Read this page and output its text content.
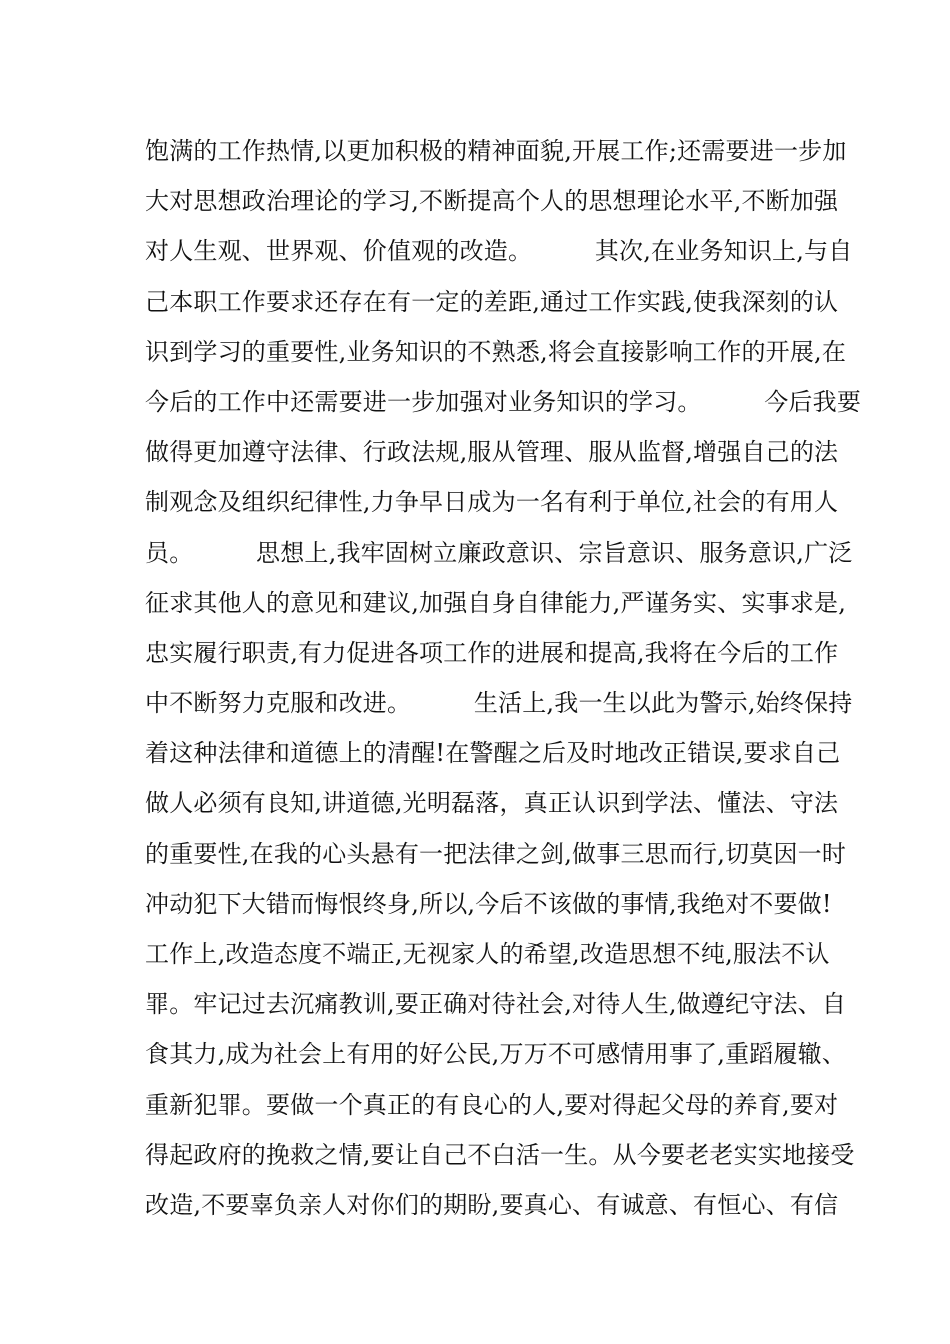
饱满的工作热情,以更加积极的精神面貌,开展工作;还需要进一步加
大对思想政治理论的学习,不断提高个人的思想理论水平,不断加强
对人生观、世界观、价值观的改造。        其次,在业务知识上,与自
己本职工作要求还存在有一定的差距,通过工作实践,使我深刻的认
识到学习的重要性,业务知识的不熟悉,将会直接影响工作的开展,在
今后的工作中还需要进一步加强对业务知识的学习。        今后我要
做得更加遵守法律、行政法规,服从管理、服从监督,增强自己的法
制观念及组织纪律性,力争早日成为一名有利于单位,社会的有用人
员。        思想上,我牢固树立廉政意识、宗旨意识、服务意识,广泛
征求其他人的意见和建议,加强自身自律能力,严谨务实、实事求是,
忠实履行职责,有力促进各项工作的进展和提高,我将在今后的工作
中不断努力克服和改进。        生活上,我一生以此为警示,始终保持
着这种法律和道德上的清醒!在警醒之后及时地改正错误,要求自己
做人必须有良知,讲道德,光明磊落，真正认识到学法、懂法、守法
的重要性,在我的心头悬有一把法律之剑,做事三思而行,切莫因一时
冲动犯下大错而悔恨终身,所以,今后不该做的事情,我绝对不要做!
工作上,改造态度不端正,无视家人的希望,改造思想不纯,服法不认
罪。牢记过去沉痛教训,要正确对待社会,对待人生,做遵纪守法、自
食其力,成为社会上有用的好公民,万万不可感情用事了,重蹈履辙、
重新犯罪。要做一个真正的有良心的人,要对得起父母的养育,要对
得起政府的挽救之情,要让自己不白活一生。从今要老老实实地接受
改造,不要辜负亲人对你们的期盼,要真心、有诚意、有恒心、有信
